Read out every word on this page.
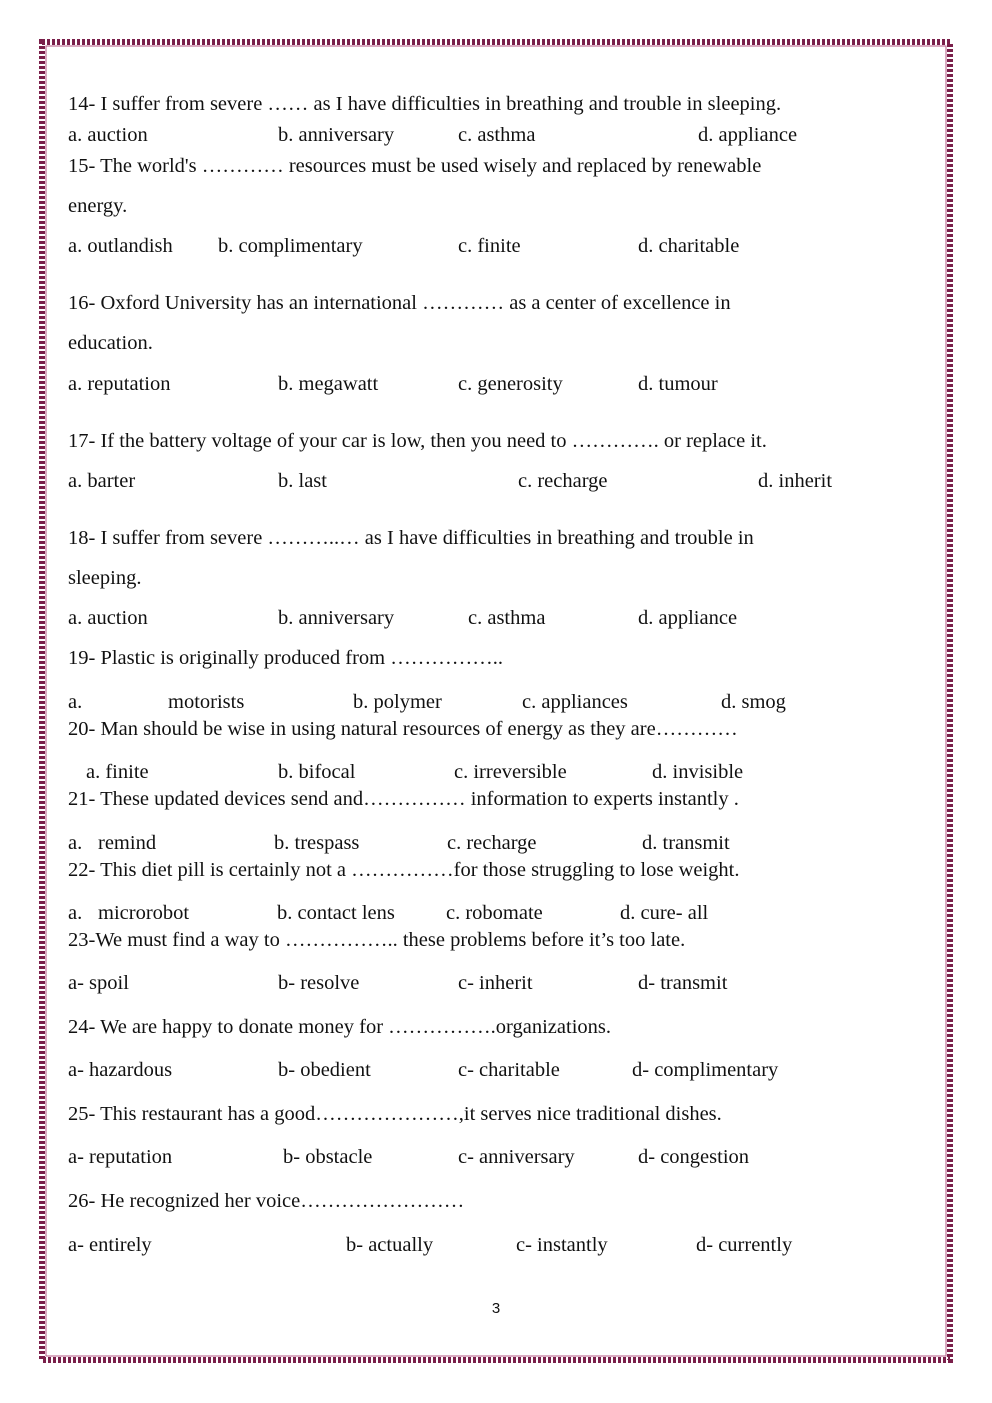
14- I suffer from severe …… as I have difficulties in breathing and trouble in sleeping.
a. auction	b. anniversary	c. asthma	d. appliance
15- The world's ………… resources must be used wisely and replaced by renewable
energy.
a. outlandish b. complimentary	c. finite	d. charitable
16- Oxford University has an international ………… as a center of excellence in
education.
a. reputation	b. megawatt	c. generosity	d. tumour
17- If the battery voltage of your car is low, then you need to …………. or replace it.
a. barter	b. last	c. recharge	d. inherit
18- I suffer from severe ………..… as I have difficulties in breathing and trouble in
sleeping.
a. auction	b. anniversary	c. asthma	d. appliance
19- Plastic is originally produced from ……………..
a.	motorists	b. polymer	c. appliances	d. smog
20- Man should be wise in using natural resources of energy as they are…………
a. finite	b. bifocal	c. irreversible	d. invisible
21- These updated devices send and…………… information to experts instantly .
a. remind	b. trespass	c. recharge	d. transmit
22- This diet pill is certainly not a ……………for those struggling to lose weight.
a. microrobot	b. contact lens c. robomate	d. cure- all
23-We must find a way to …………….. these problems before it’s too late.
a- spoil	b- resolve	c- inherit	d- transmit
24- We are happy to donate money for …………….organizations.
a- hazardous	b- obedient	c- charitable	d- complimentary
25- This restaurant has a good…………………,it serves nice traditional dishes.
a- reputation	b- obstacle	c- anniversary	d- congestion
26- He recognized her voice……………………
a- entirely	b- actually	c- instantly	d- currently
3
